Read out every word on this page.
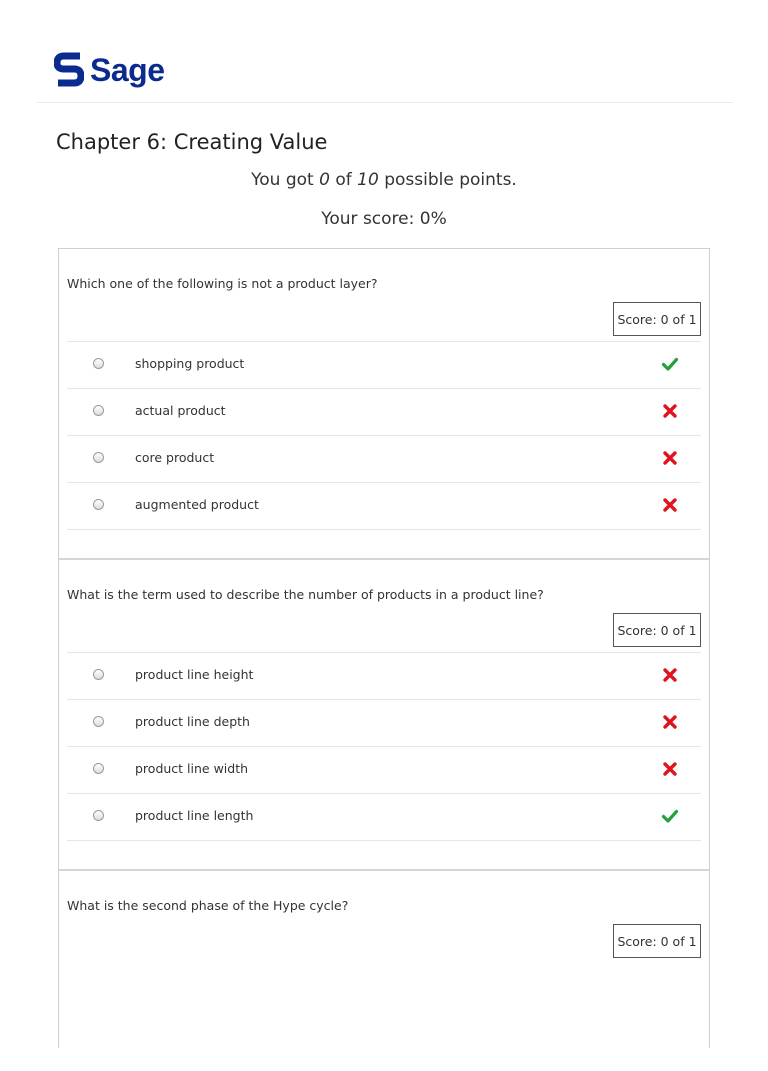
Sage
Chapter 6: Creating Value
You got 0 of 10 possible points.
Your score: 0%
Which one of the following is not a product layer?
Score: 0 of 1
shopping product
actual product
core product
augmented product
What is the term used to describe the number of products in a product line?
Score: 0 of 1
product line height
product line depth
product line width
product line length
What is the second phase of the Hype cycle?
Score: 0 of 1
